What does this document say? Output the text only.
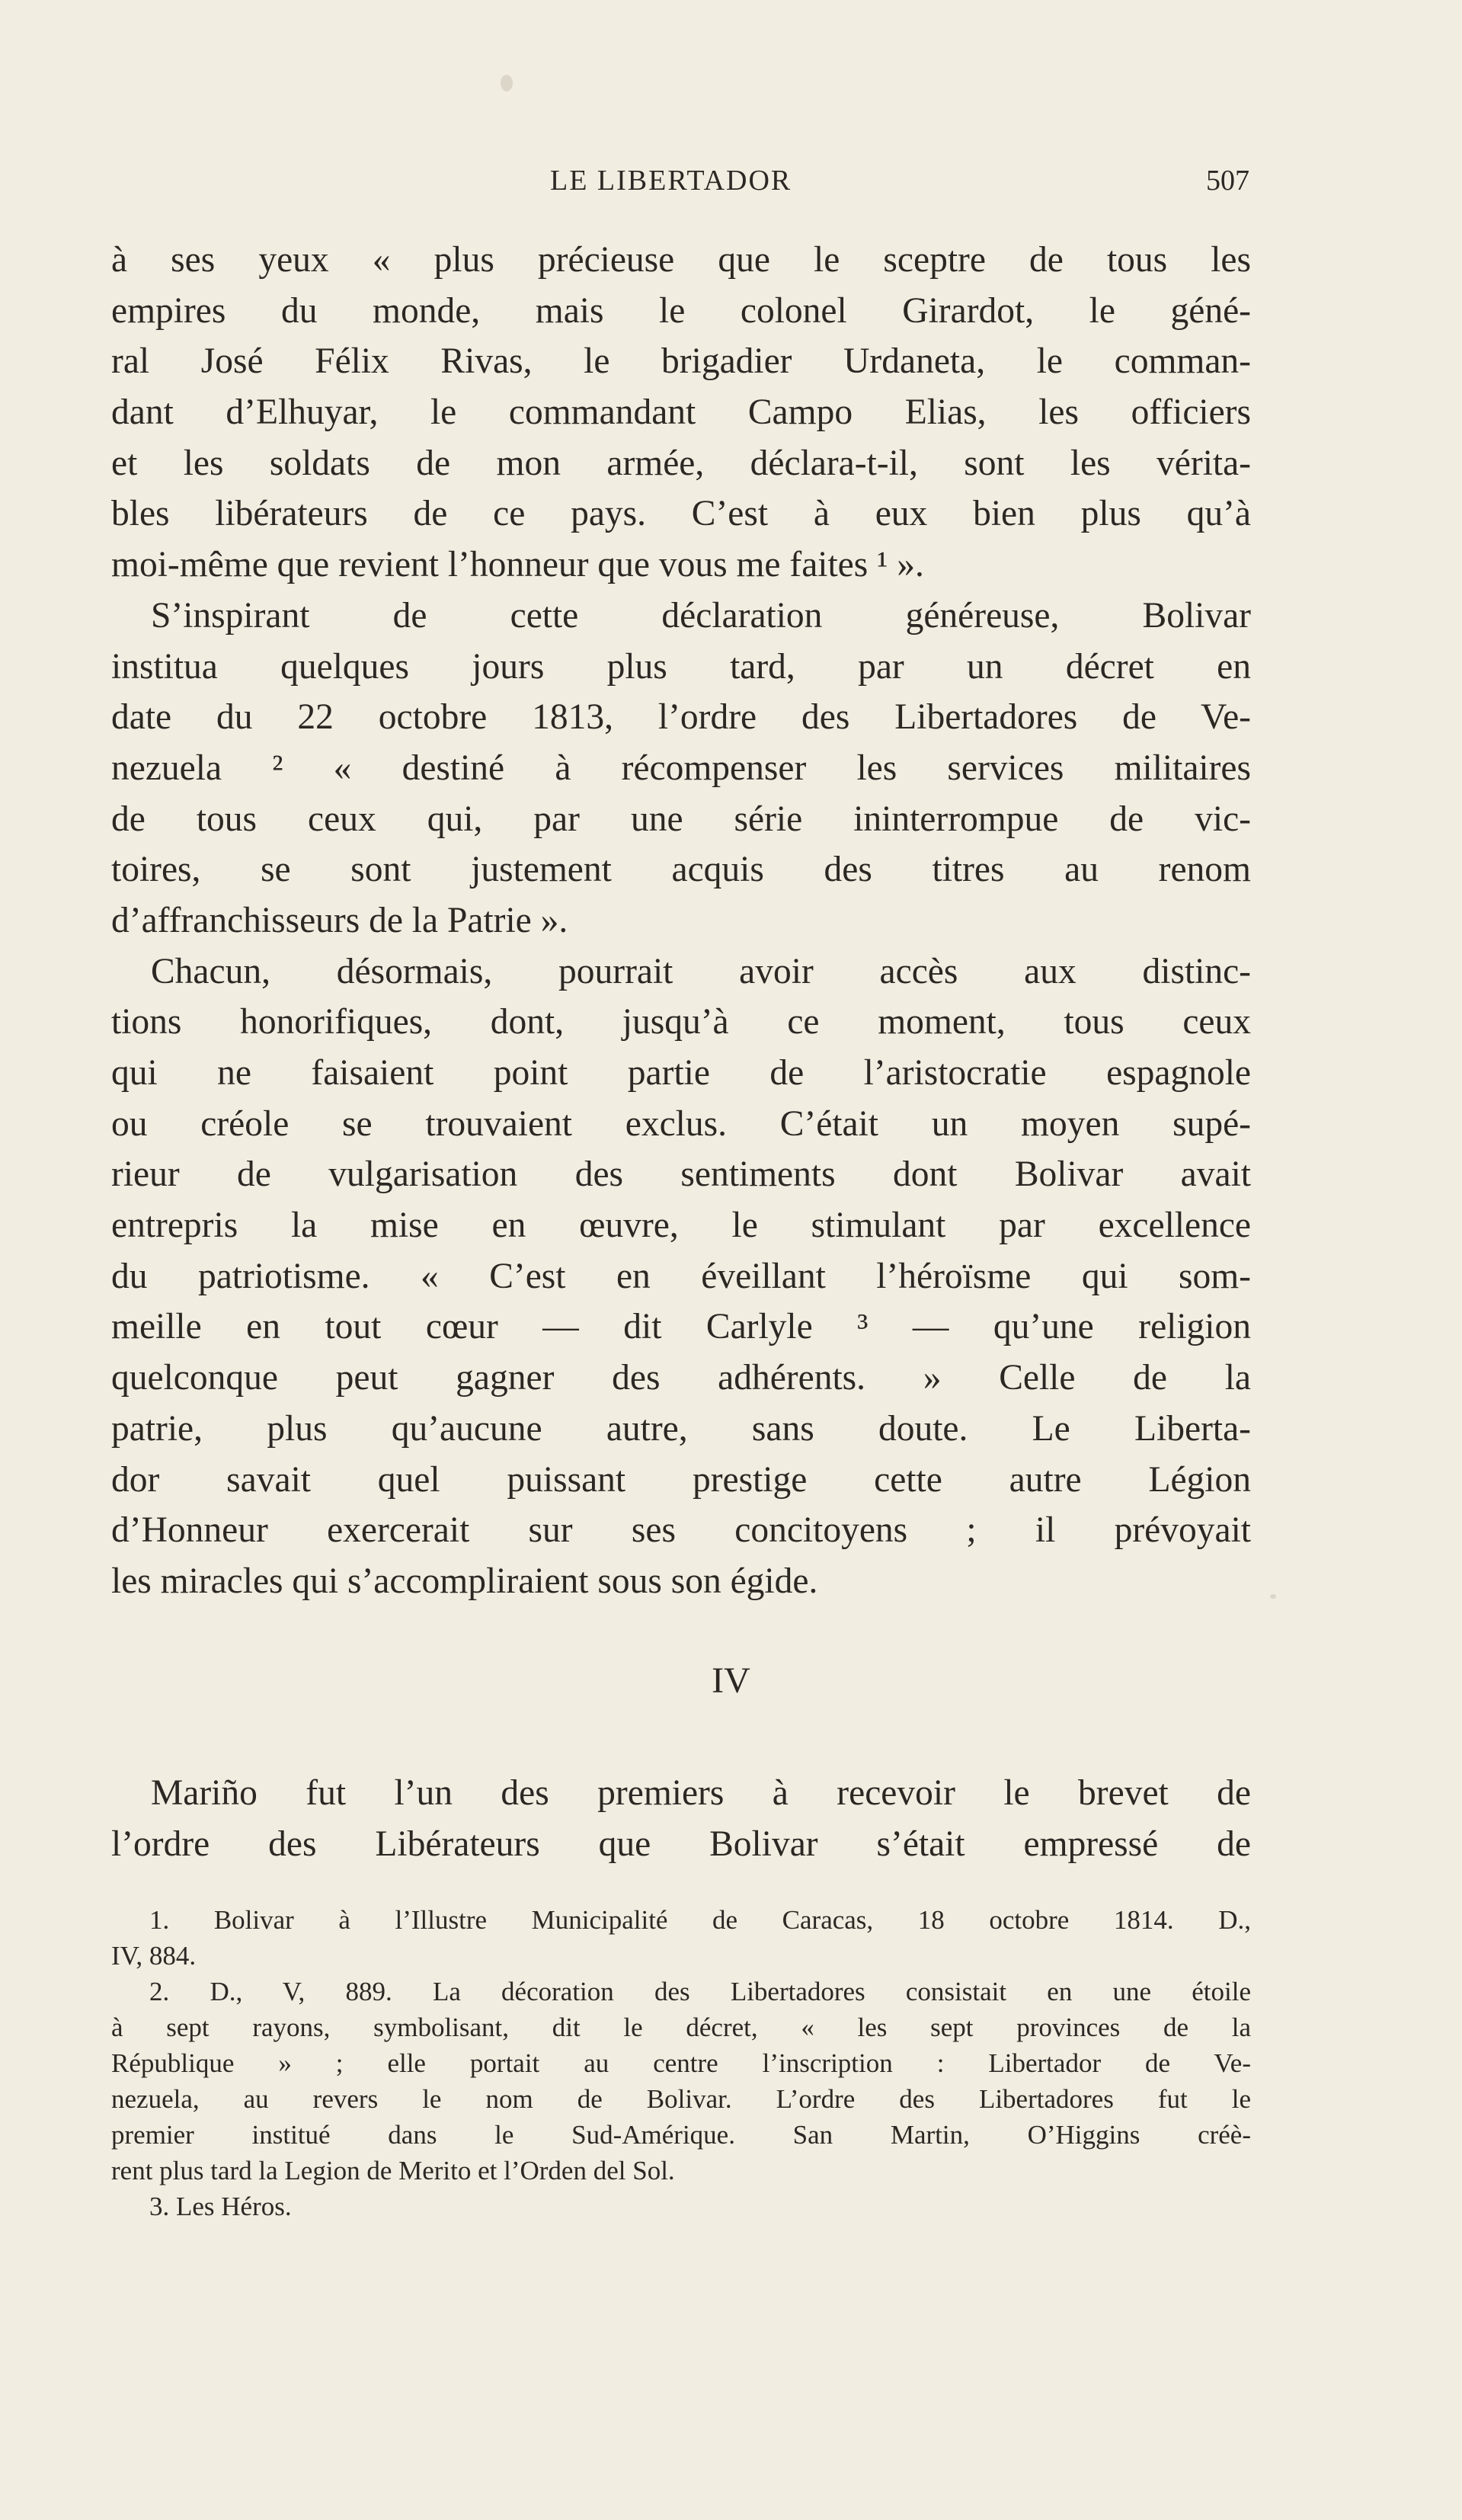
LE LIBERTADOR	507
à ses yeux « plus précieuse que le sceptre de tous les
empires du monde, mais le colonel Girardot, le géné-
ral José Félix Rivas, le brigadier Urdaneta, le comman-
dant d’Elhuyar, le commandant Campo Elias, les officiers
et les soldats de mon armée, déclara-t-il, sont les vérita-
bles libérateurs de ce pays. C’est à eux bien plus qu’à
moi-même que revient l’honneur que vous me faites ¹ ».
S’inspirant de cette déclaration généreuse, Bolivar
institua quelques jours plus tard, par un décret en
date du 22 octobre 1813, l’ordre des Libertadores de Ve-
nezuela ² « destiné à récompenser les services militaires
de tous ceux qui, par une série ininterrompue de vic-
toires, se sont justement acquis des titres au renom
d’affranchisseurs de la Patrie ».
Chacun, désormais, pourrait avoir accès aux distinc-
tions honorifiques, dont, jusqu’à ce moment, tous ceux
qui ne faisaient point partie de l’aristocratie espagnole
ou créole se trouvaient exclus. C’était un moyen supé-
rieur de vulgarisation des sentiments dont Bolivar avait
entrepris la mise en œuvre, le stimulant par excellence
du patriotisme. « C’est en éveillant l’héroïsme qui som-
meille en tout cœur — dit Carlyle ³ — qu’une religion
quelconque peut gagner des adhérents. » Celle de la
patrie, plus qu’aucune autre, sans doute. Le Liberta-
dor savait quel puissant prestige cette autre Légion
d’Honneur exercerait sur ses concitoyens ; il prévoyait
les miracles qui s’accompliraient sous son égide.
IV
Mariño fut l’un des premiers à recevoir le brevet de
l’ordre des Libérateurs que Bolivar s’était empressé de
1. Bolivar à l’Illustre Municipalité de Caracas, 18 octobre 1814. D.,
IV, 884.
2. D., V, 889. La décoration des Libertadores consistait en une étoile
à sept rayons, symbolisant, dit le décret, « les sept provinces de la
République » ; elle portait au centre l’inscription : Libertador de Ve-
nezuela, au revers le nom de Bolivar. L’ordre des Libertadores fut le
premier institué dans le Sud-Amérique. San Martin, O’Higgins créè-
rent plus tard la Legion de Merito et l’Orden del Sol.
3. Les Héros.
